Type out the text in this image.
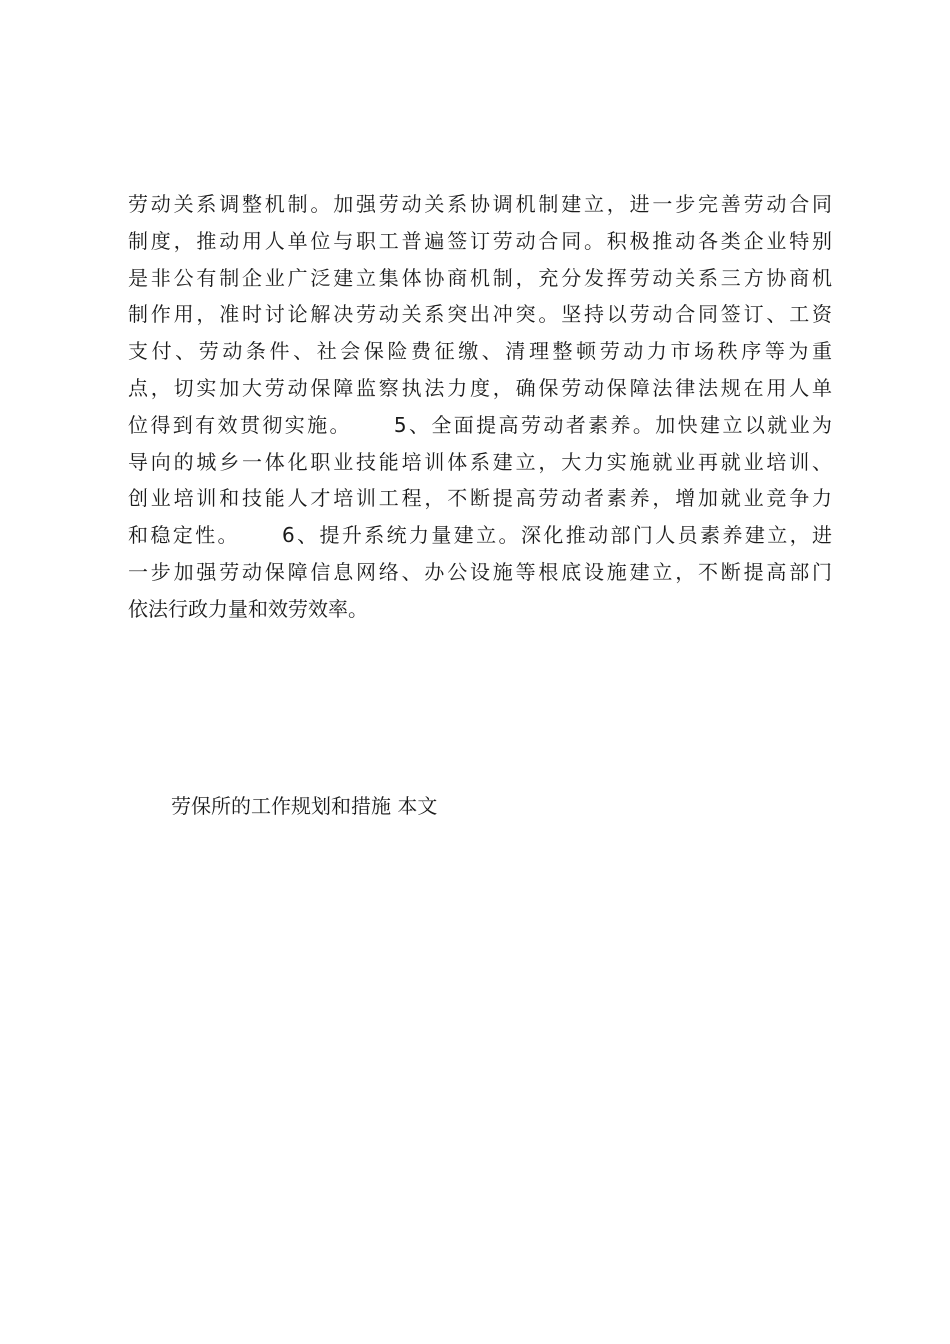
劳动关系调整机制。加强劳动关系协调机制建立，进一步完善劳动合同
制度，推动用人单位与职工普遍签订劳动合同。积极推动各类企业特别
是非公有制企业广泛建立集体协商机制，充分发挥劳动关系三方协商机
制作用，准时讨论解决劳动关系突出冲突。坚持以劳动合同签订、工资
支付、劳动条件、社会保险费征缴、清理整顿劳动力市场秩序等为重
点，切实加大劳动保障监察执法力度，确保劳动保障法律法规在用人单
位得到有效贯彻实施。 5、全面提高劳动者素养。加快建立以就业为
导向的城乡一体化职业技能培训体系建立，大力实施就业再就业培训、
创业培训和技能人才培训工程，不断提高劳动者素养，增加就业竞争力
和稳定性。 6、提升系统力量建立。深化推动部门人员素养建立，进
一步加强劳动保障信息网络、办公设施等根底设施建立，不断提高部门
依法行政力量和效劳效率。
劳保所的工作规划和措施 本文
